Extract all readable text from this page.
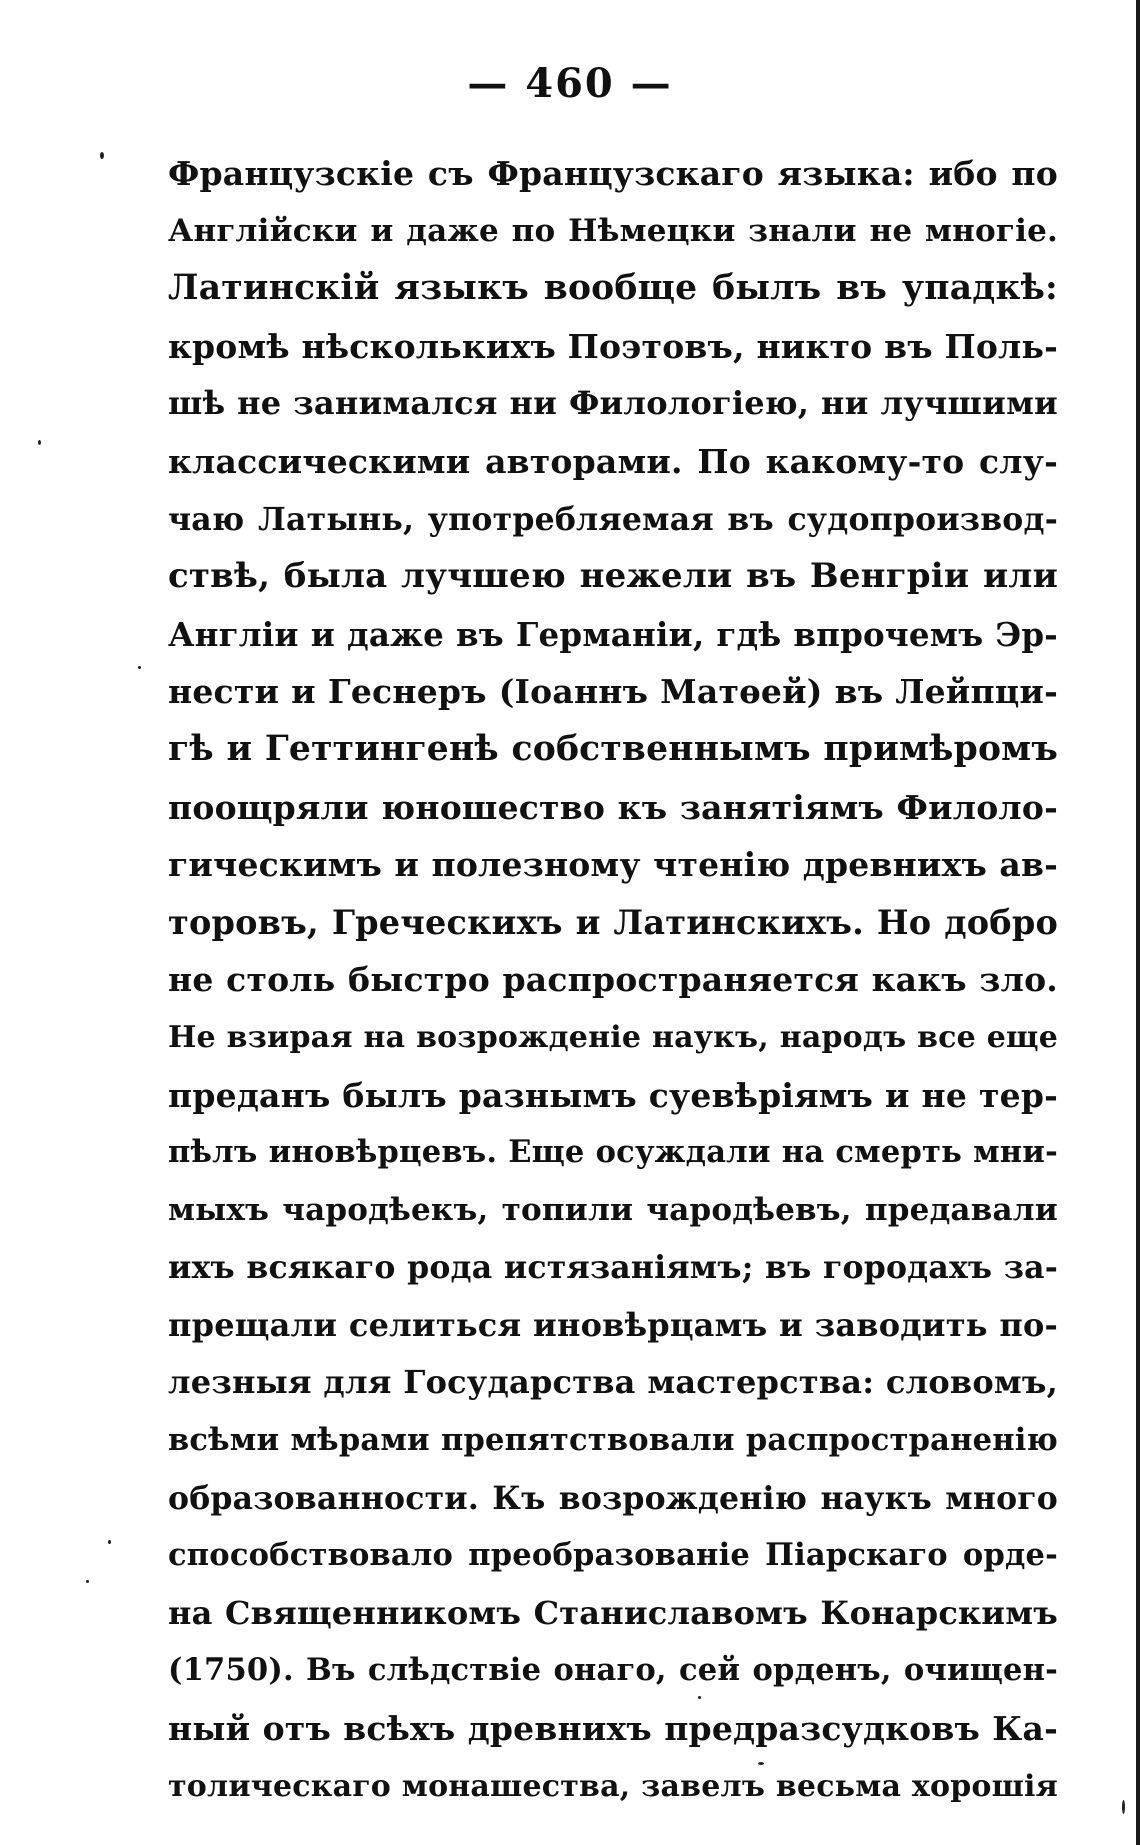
— 460 —
Французскіе съ Французскаго языка: ибо по
Англійски и даже по Нѣмецки знали не многіе.
Латинскій языкъ вообще былъ въ упадкѣ:
кромѣ нѣсколькихъ Поэтовъ, никто въ Поль-
шѣ не занимался ни Филологіею, ни лучшими
классическими авторами. По какому-то слу-
чаю Латынь, употребляемая въ судопроизвод-
ствѣ, была лучшею нежели въ Венгріи или
Англіи и даже въ Германіи, гдѣ впрочемъ Эр-
нести и Геснеръ (Іоаннъ Матѳей) въ Лейпци-
гѣ и Геттингенѣ собственнымъ примѣромъ
поощряли юношество къ занятіямъ Филоло-
гическимъ и полезному чтенію древнихъ ав-
торовъ, Греческихъ и Латинскихъ. Но добро
не столь быстро распространяется какъ зло.
Не взирая на возрожденіе наукъ, народъ все еще
преданъ былъ разнымъ суевѣріямъ и не тер-
пѣлъ иновѣрцевъ. Еще осуждали на смерть мни-
мыхъ чародѣекъ, топили чародѣевъ, предавали
ихъ всякаго рода истязаніямъ; въ городахъ за-
прещали селиться иновѣрцамъ и заводить по-
лезныя для Государства мастерства: словомъ,
всѣми мѣрами препятствовали распространенію
образованности. Къ возрожденію наукъ много
способствовало преобразованіе Піарскаго орде-
на Священникомъ Станиславомъ Конарскимъ
(1750). Въ слѣдствіе онаго, сей орденъ, очищен-
ный отъ всѣхъ древнихъ предразсудковъ Ка-
толическаго монашества, завелъ весьма хорошія
